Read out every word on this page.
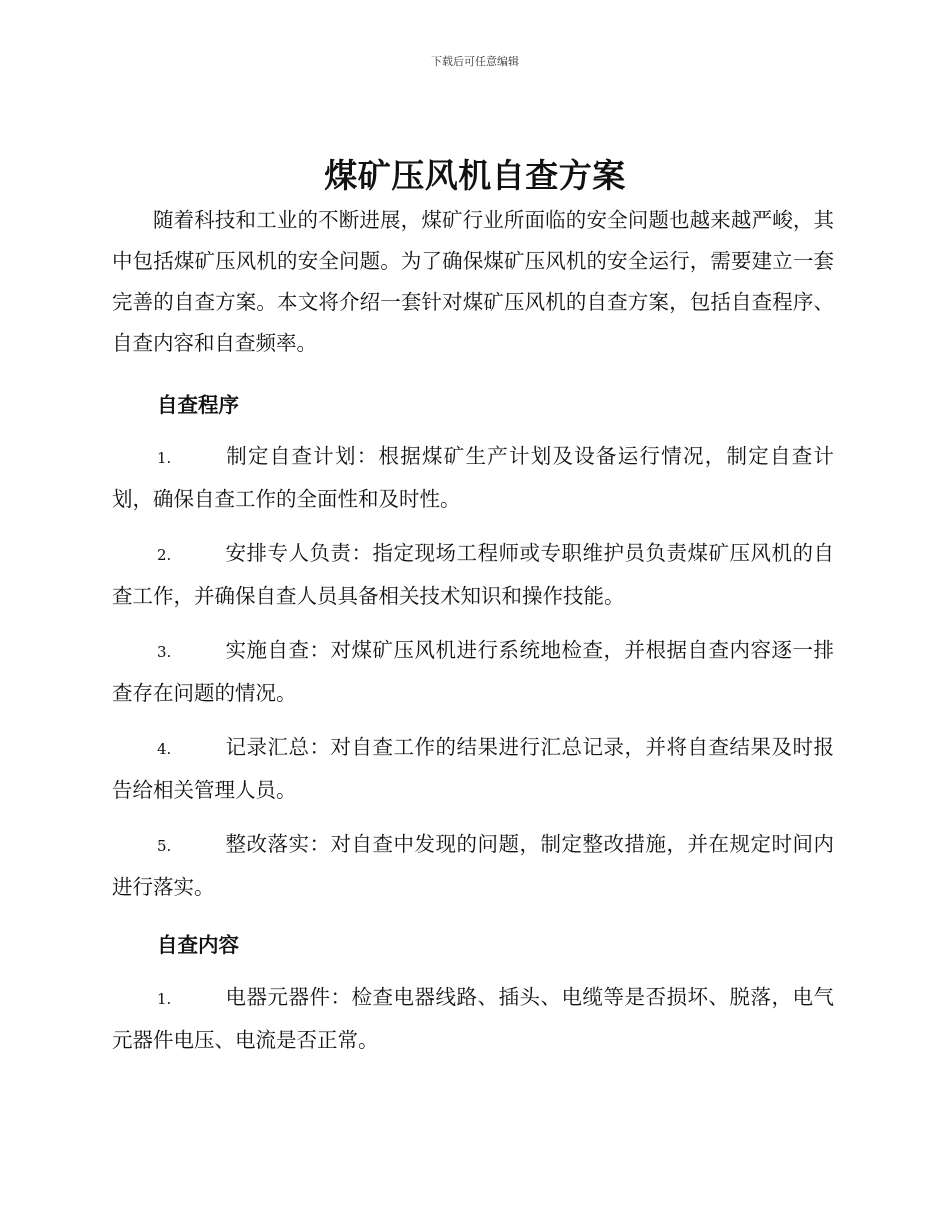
下载后可任意编辑
煤矿压风机自查方案
随着科技和工业的不断进展，煤矿行业所面临的安全问题也越来越严峻，其中包括煤矿压风机的安全问题。为了确保煤矿压风机的安全运行，需要建立一套完善的自查方案。本文将介绍一套针对煤矿压风机的自查方案，包括自查程序、自查内容和自查频率。
自查程序
1.	制定自查计划：根据煤矿生产计划及设备运行情况，制定自查计划，确保自查工作的全面性和及时性。
2.	安排专人负责：指定现场工程师或专职维护员负责煤矿压风机的自查工作，并确保自查人员具备相关技术知识和操作技能。
3.	实施自查：对煤矿压风机进行系统地检查，并根据自查内容逐一排查存在问题的情况。
4.	记录汇总：对自查工作的结果进行汇总记录，并将自查结果及时报告给相关管理人员。
5.	整改落实：对自查中发现的问题，制定整改措施，并在规定时间内进行落实。
自查内容
1.	电器元器件：检查电器线路、插头、电缆等是否损坏、脱落，电气元器件电压、电流是否正常。
